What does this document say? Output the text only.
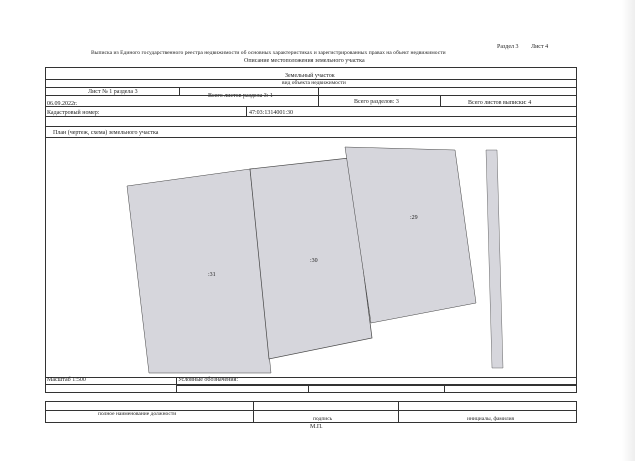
Раздел 3 Лист 4
Выписка из Единого государственного реестра недвижимости об основных характеристиках и зарегистрированных правах на объект недвижимости
Описание местоположения земельного участка
Земельный участок
вид объекта недвижимости
Лист № 1 раздела 3
Всего листов раздела 3: 1
Всего разделов: 3	Всего листов выписки: 4
06.09.2022г.
Кадастровый номер:	47:03:1314001:30
План (чертеж, схема) земельного участка
:31
:30
:29
Масштаб 1:500	Условные обозначения:
полное наименование должности
подпись	инициалы, фамилия
М.П.
